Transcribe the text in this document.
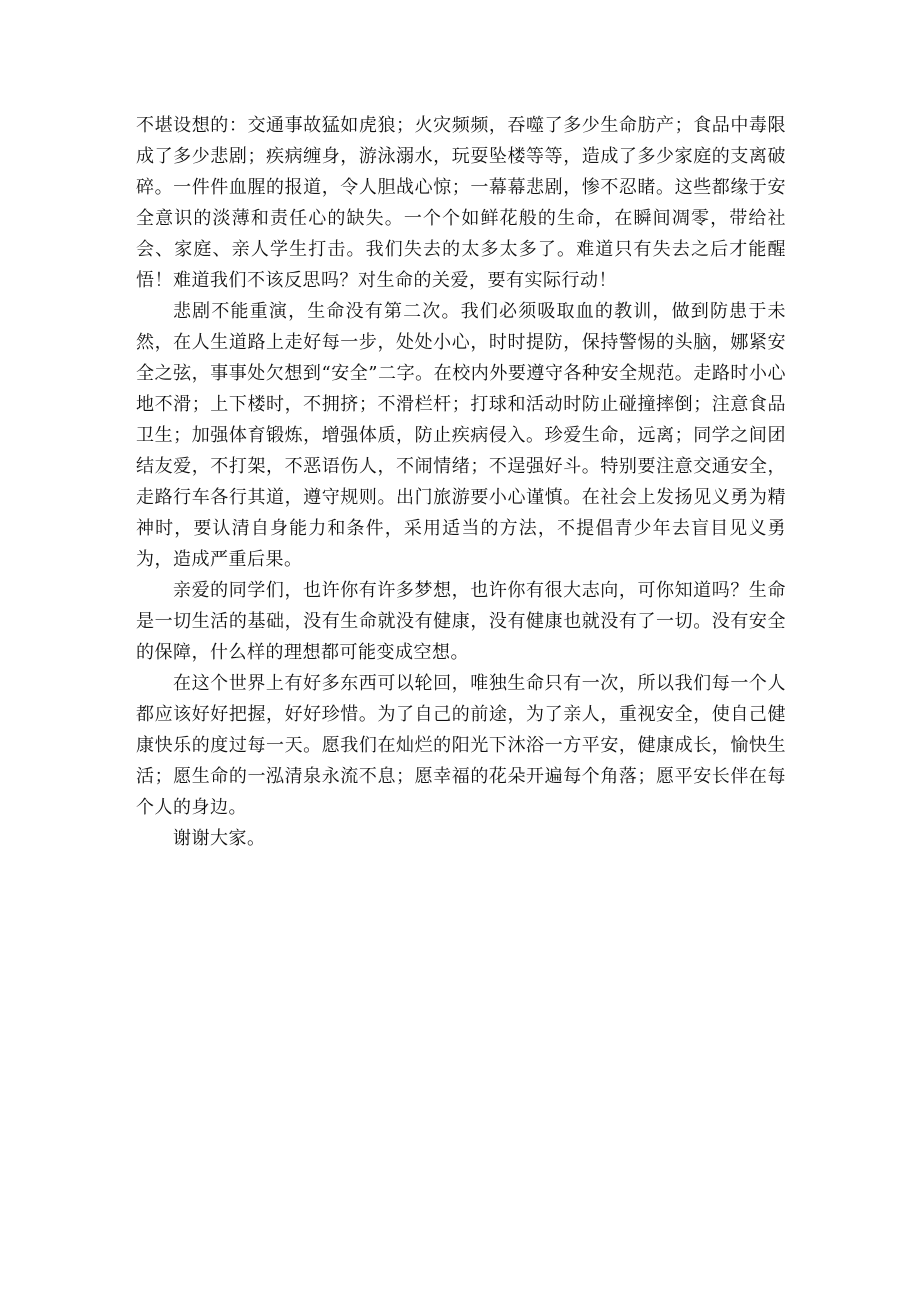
不堪设想的：交通事故猛如虎狼；火灾频频，吞噬了多少生命肪产；食品中毒限成了多少悲剧；疾病缠身，游泳溺水，玩耍坠楼等等，造成了多少家庭的支离破碎。一件件血腥的报道，令人胆战心惊；一幕幕悲剧，惨不忍睹。这些都缘于安全意识的淡薄和责任心的缺失。一个个如鲜花般的生命，在瞬间凋零，带给社会、家庭、亲人学生打击。我们失去的太多太多了。难道只有失去之后才能醒悟！难道我们不该反思吗？对生命的关爱，要有实际行动！

悲剧不能重演，生命没有第二次。我们必须吸取血的教训，做到防患于未然，在人生道路上走好每一步，处处小心，时时提防，保持警惕的头脑，娜紧安全之弦，事事处欠想到“安全”二字。在校内外要遵守各种安全规范。走路时小心地不滑；上下楼时，不拥挤；不滑栏杆；打球和活动时防止碰撞摔倒；注意食品卫生；加强体育锻炼，增强体质，防止疾病侵入。珍爱生命，远离；同学之间团结友爱，不打架，不恶语伤人，不闹情绪；不逞强好斗。特别要注意交通安全，走路行车各行其道，遵守规则。出门旅游要小心谨慎。在社会上发扬见义勇为精神时，要认清自身能力和条件，采用适当的方法，不提倡青少年去盲目见义勇为，造成严重后果。

亲爱的同学们，也许你有许多梦想，也许你有很大志向，可你知道吗？生命是一切生活的基础，没有生命就没有健康，没有健康也就没有了一切。没有安全的保障，什么样的理想都可能变成空想。

在这个世界上有好多东西可以轮回，唯独生命只有一次，所以我们每一个人都应该好好把握，好好珍惜。为了自己的前途，为了亲人，重视安全，使自己健康快乐的度过每一天。愿我们在灿烂的阳光下沐浴一方平安，健康成长，愉快生活；愿生命的一泓清泉永流不息；愿幸福的花朵开遍每个角落；愿平安长伴在每个人的身边。

谢谢大家。
